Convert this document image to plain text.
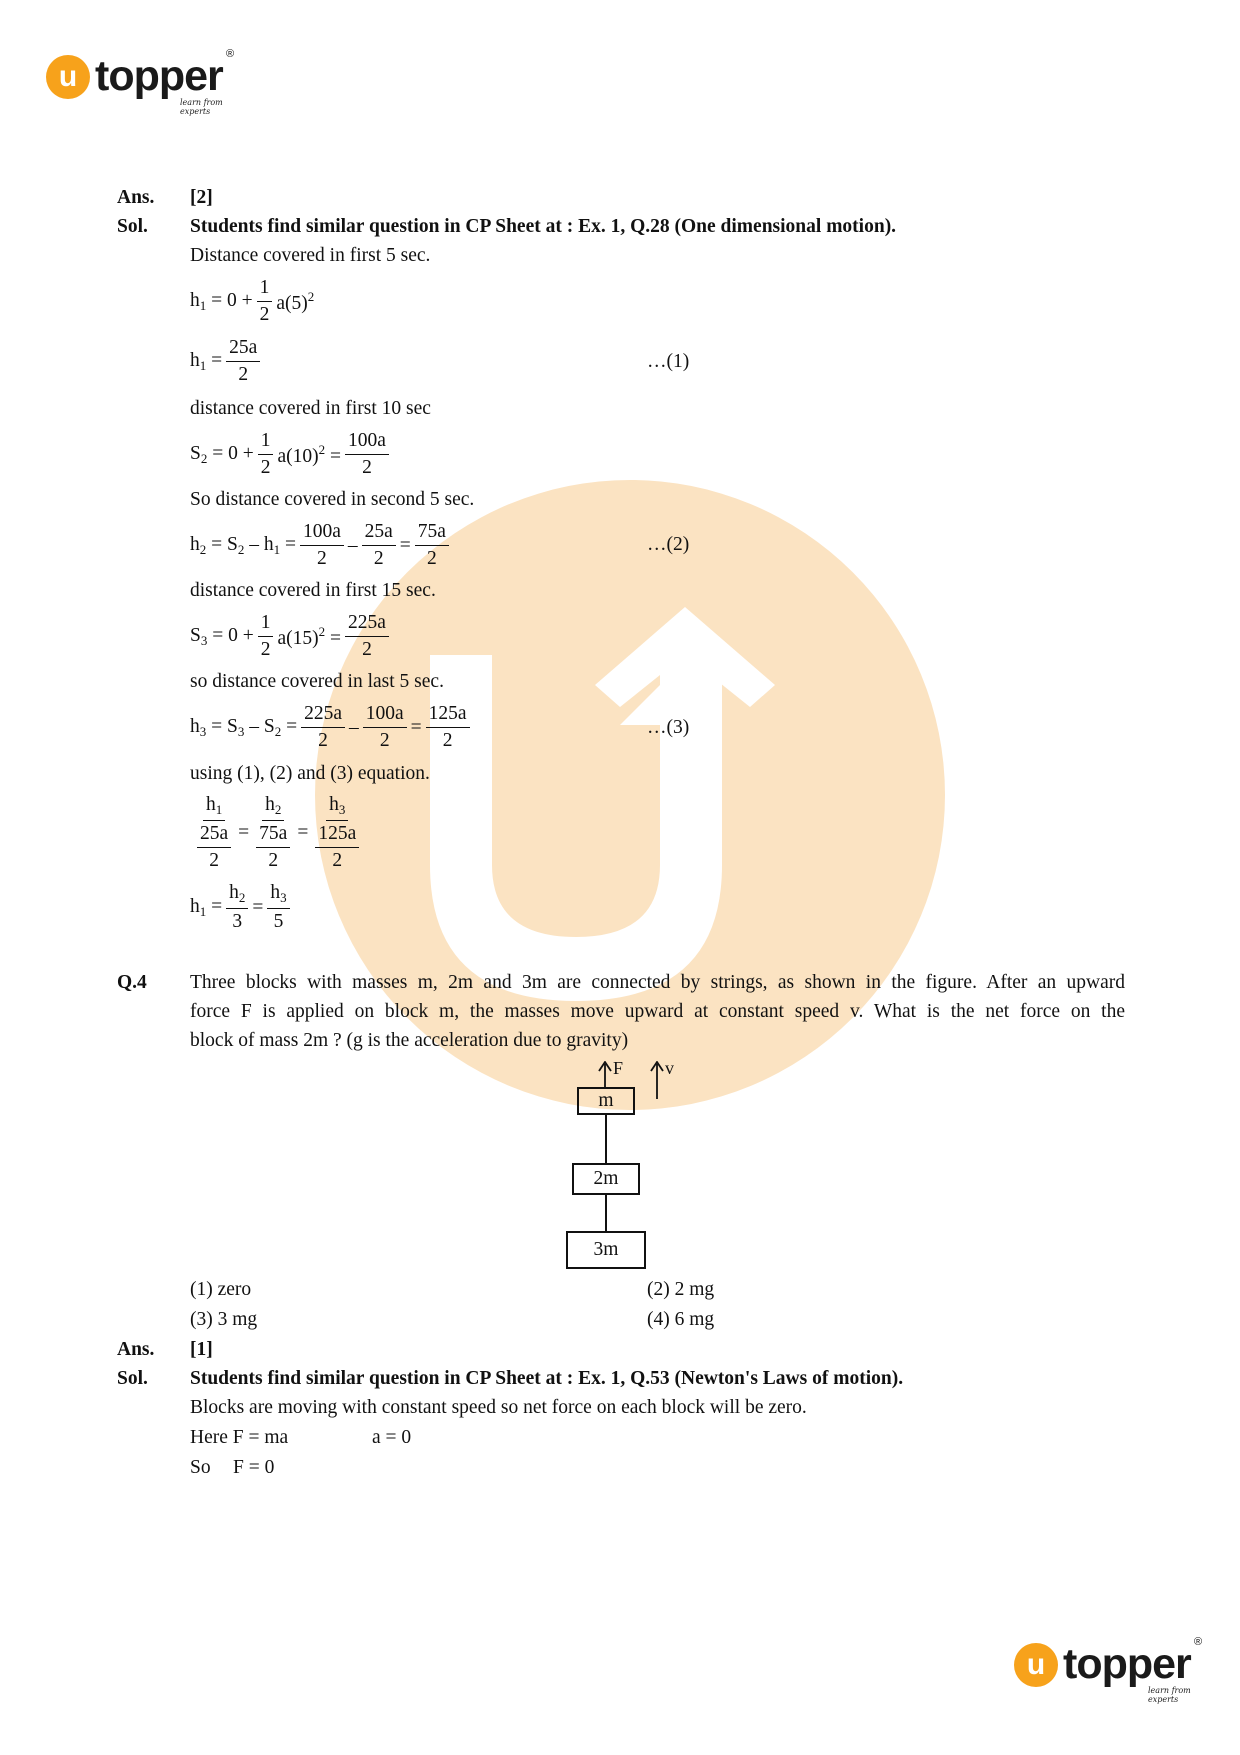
u topper ®
learn from experts
Ans. [2]
Sol. Students find similar question in CP Sheet at : Ex. 1, Q.28 (One dimensional motion).
Distance covered in first 5 sec.
$h_1 = 0 + \frac{1}{2} a(5)^2$
$h_1 = \frac{25a}{2}$	…(1)
distance covered in first 10 sec
$S_2 = 0 + \frac{1}{2} a(10)^2 = \frac{100a}{2}$
So distance covered in second 5 sec.
$h_2 = S_2 - h_1 = \frac{100a}{2} - \frac{25a}{2} = \frac{75a}{2}$	…(2)
distance covered in first 15 sec.
$S_3 = 0 + \frac{1}{2} a(15)^2 = \frac{225a}{2}$
so distance covered in last 5 sec.
$h_3 = S_3 - S_2 = \frac{225a}{2} - \frac{100a}{2} = \frac{125a}{2}$	…(3)
using (1), (2) and (3) equation.
$\frac{h_1}{\frac{25a}{2}} = \frac{h_2}{\frac{75a}{2}} = \frac{h_3}{\frac{125a}{2}}$
$h_1 = \frac{h_2}{3} = \frac{h_3}{5}$
Q.4 Three blocks with masses m, 2m and 3m are connected by strings, as shown in the figure. After an upward
force F is applied on block m, the masses move upward at constant speed v. What is the net force on the
block of mass 2m ? (g is the acceleration due to gravity)
F v
m
2m
3m
(1) zero	(2) 2 mg
(3) 3 mg	(4) 6 mg
Ans. [1]
Sol. Students find similar question in CP Sheet at : Ex. 1, Q.53 (Newton's Laws of motion).
Blocks are moving with constant speed so net force on each block will be zero.
Here F = ma	a = 0
So F = 0
u topper ®
learn from experts
